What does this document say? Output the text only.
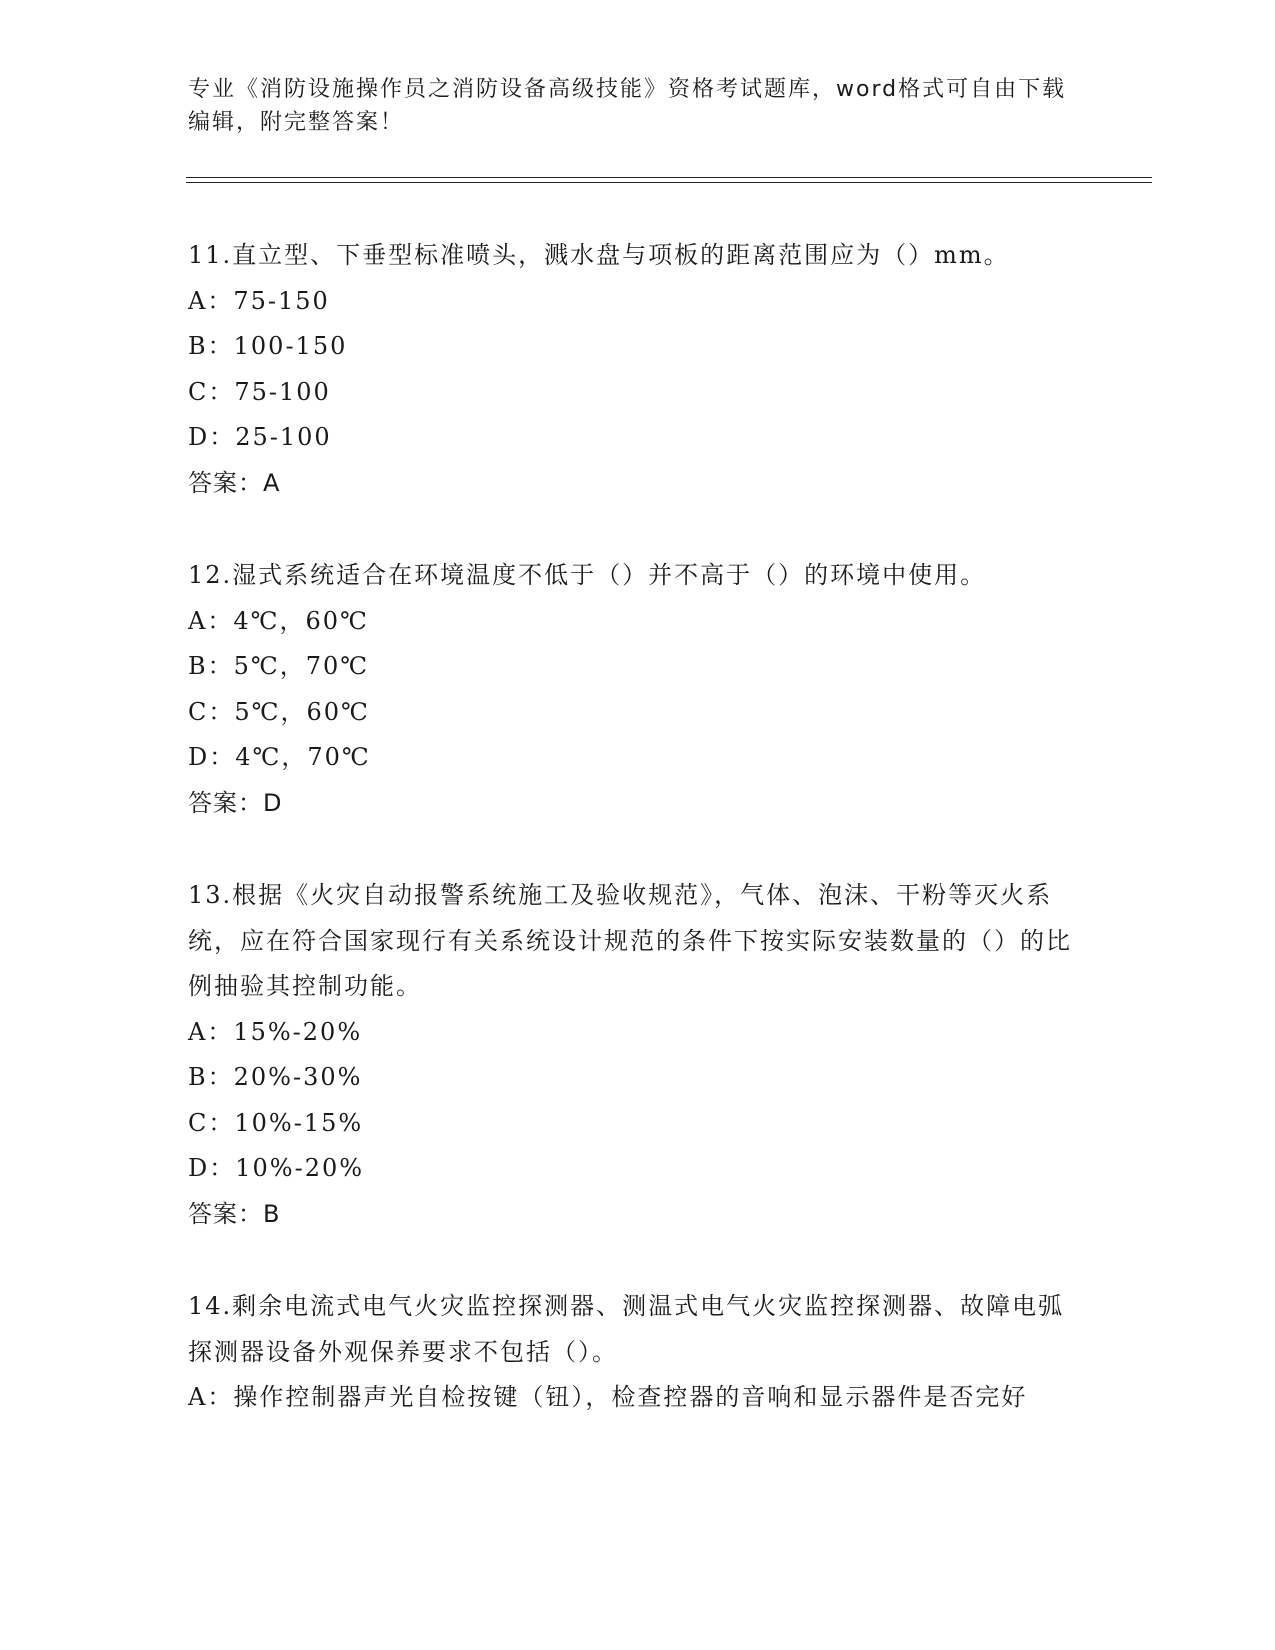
专业《消防设施操作员之消防设备高级技能》资格考试题库，word格式可自由下载编辑，附完整答案！

11.直立型、下垂型标准喷头，溅水盘与项板的距离范围应为（）mm。

A：75-150

B：100-150

C：75-100

D：25-100

答案：A

12.湿式系统适合在环境温度不低于（）并不高于（）的环境中使用。

A：4℃，60℃

B：5℃，70℃

C：5℃，60℃

D：4℃，70℃

答案：D

13.根据《火灾自动报警系统施工及验收规范》，气体、泡沫、干粉等灭火系统，应在符合国家现行有关系统设计规范的条件下按实际安装数量的（）的比例抽验其控制功能。

A：15%-20%

B：20%-30%

C：10%-15%

D：10%-20%

答案：B

14.剩余电流式电气火灾监控探测器、测温式电气火灾监控探测器、故障电弧探测器设备外观保养要求不包括（）。

A：操作控制器声光自检按键（钮），检查控器的音响和显示器件是否完好
